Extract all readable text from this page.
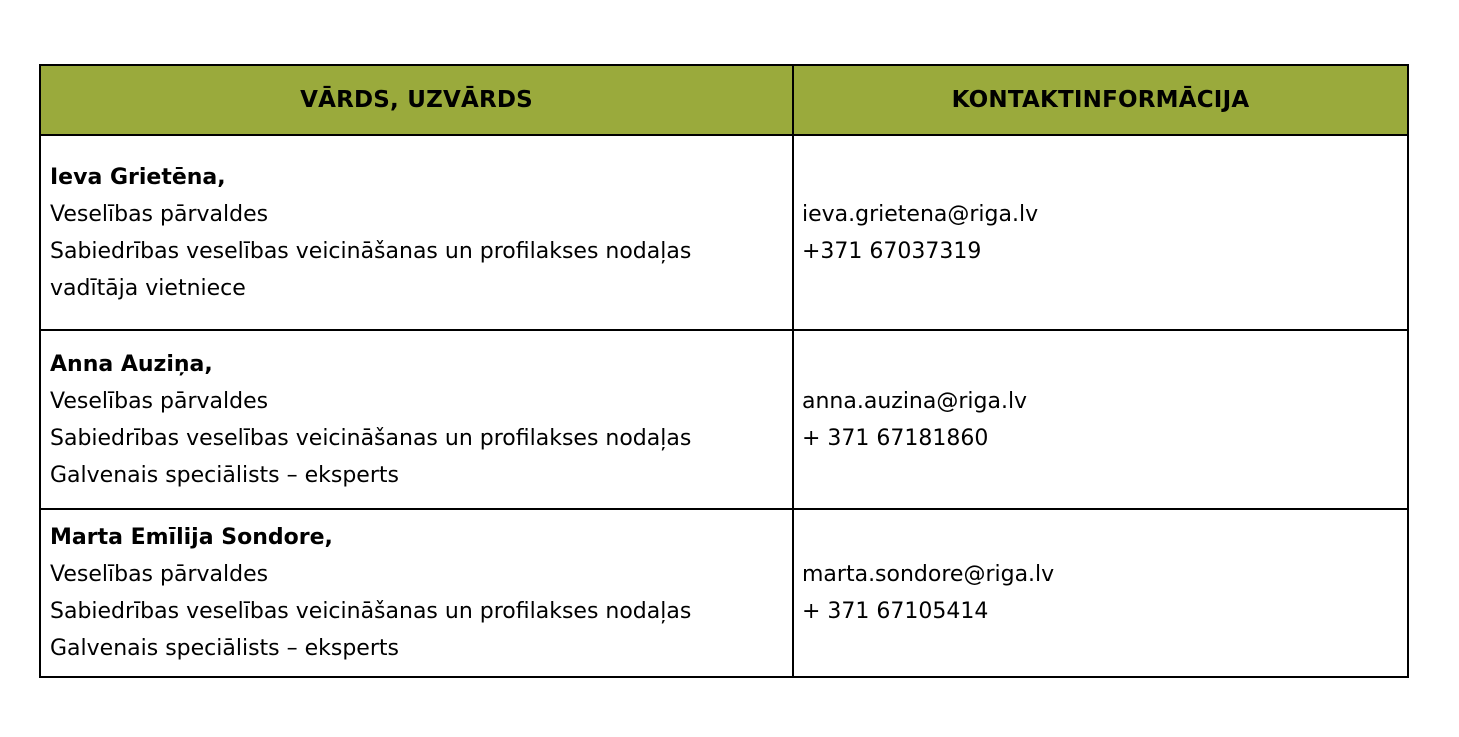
VĀRDS, UZVĀRDS	KONTAKTINFORMĀCIJA

Ieva Grietēna,
Veselības pārvaldes
Sabiedrības veselības veicināšanas un profilakses nodaļas
vadītāja vietniece	ieva.grietena@riga.lv
+371 67037319

Anna Auziņa,
Veselības pārvaldes
Sabiedrības veselības veicināšanas un profilakses nodaļas
Galvenais speciālists – eksperts	anna.auzina@riga.lv
+ 371 67181860

Marta Emīlija Sondore,
Veselības pārvaldes
Sabiedrības veselības veicināšanas un profilakses nodaļas
Galvenais speciālists – eksperts	marta.sondore@riga.lv
+ 371 67105414
